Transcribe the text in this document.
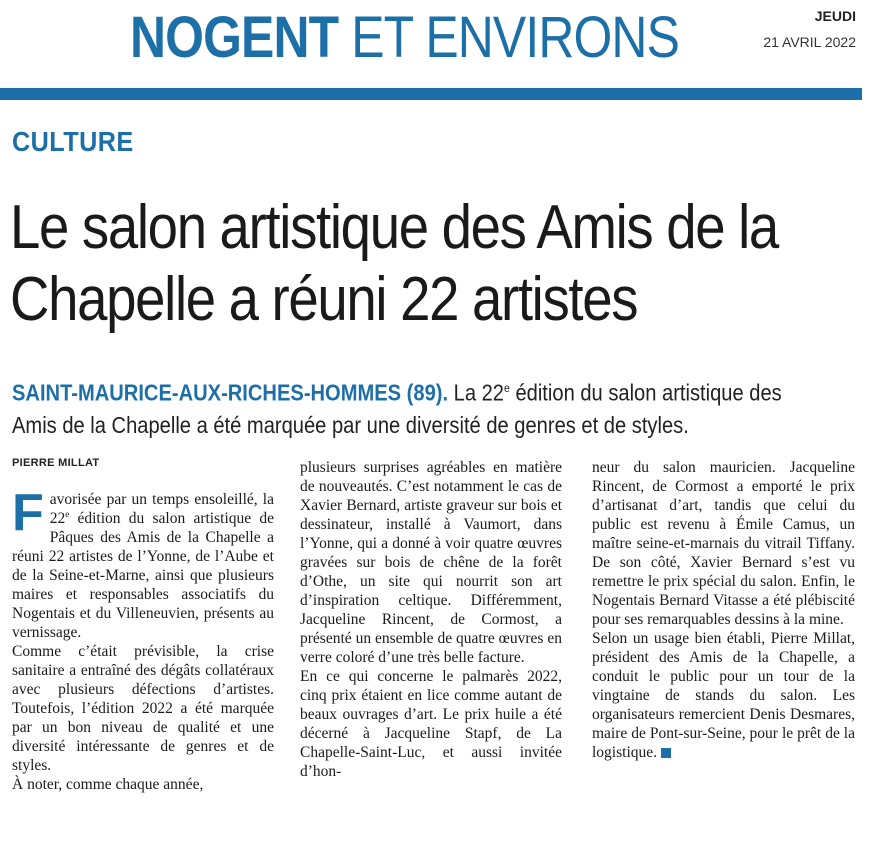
NOGENT ET ENVIRONS	JEUDI
21 AVRIL 2022
CULTURE
Le salon artistique des Amis de la Chapelle a réuni 22 artistes
SAINT-MAURICE-AUX-RICHES-HOMMES (89). La 22e édition du salon artistique des Amis de la Chapelle a été marquée par une diversité de genres et de styles.
PIERRE MILLAT

Favorisée par un temps ensoleillé, la 22e édition du salon artistique de Pâques des Amis de la Chapelle a réuni 22 artistes de l’Yonne, de l’Aube et de la Seine-et-Marne, ainsi que plusieurs maires et responsables associatifs du Nogentais et du Villeneuvien, présents au vernissage.

Comme c’était prévisible, la crise sanitaire a entraîné des dégâts collatéraux avec plusieurs défections d’artistes. Toutefois, l’édition 2022 a été marquée par un bon niveau de qualité et une diversité intéressante de genres et de styles.

À noter, comme chaque année,

plusieurs surprises agréables en matière de nouveautés. C’est notamment le cas de Xavier Bernard, artiste graveur sur bois et dessinateur, installé à Vaumort, dans l’Yonne, qui a donné à voir quatre œuvres gravées sur bois de chêne de la forêt d’Othe, un site qui nourrit son art d’inspiration celtique. Différemment, Jacqueline Rincent, de Cormost, a présenté un ensemble de quatre œuvres en verre coloré d’une très belle facture.

En ce qui concerne le palmarès 2022, cinq prix étaient en lice comme autant de beaux ouvrages d’art. Le prix huile a été décerné à Jacqueline Stapf, de La Chapelle-Saint-Luc, et aussi invitée d’hon-

neur du salon mauricien. Jacqueline Rincent, de Cormost a emporté le prix d’artisanat d’art, tandis que celui du public est revenu à Émile Camus, un maître seine-et-marnais du vitrail Tiffany. De son côté, Xavier Bernard s’est vu remettre le prix spécial du salon. Enfin, le Nogentais Bernard Vitasse a été plébiscité pour ses remarquables dessins à la mine.

Selon un usage bien établi, Pierre Millat, président des Amis de la Chapelle, a conduit le public pour un tour de la vingtaine de stands du salon. Les organisateurs remercient Denis Desmares, maire de Pont-sur-Seine, pour le prêt de la logistique.
